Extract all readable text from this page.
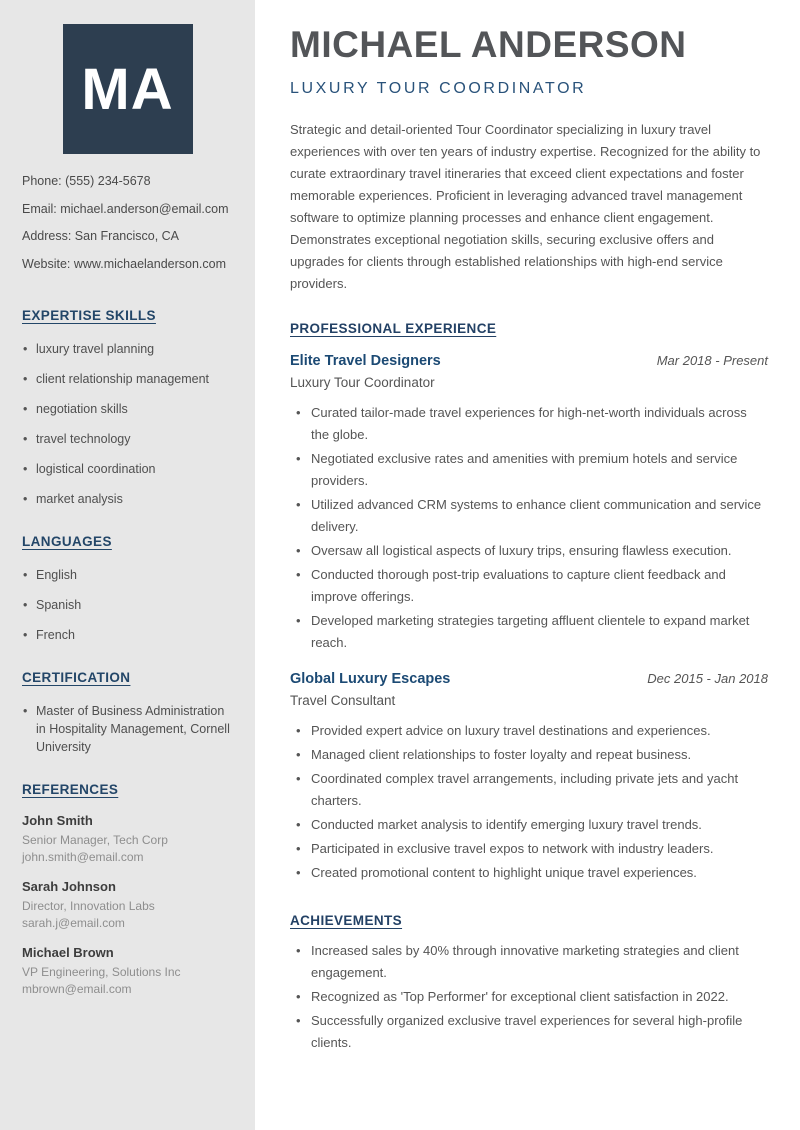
MA
Phone: (555) 234-5678
Email: michael.anderson@email.com
Address: San Francisco, CA
Website: www.michaelanderson.com
EXPERTISE SKILLS
• luxury travel planning
• client relationship management
• negotiation skills
• travel technology
• logistical coordination
• market analysis
LANGUAGES
• English
• Spanish
• French
CERTIFICATION
• Master of Business Administration in Hospitality Management, Cornell University
REFERENCES
John Smith
Senior Manager, Tech Corp
john.smith@email.com
Sarah Johnson
Director, Innovation Labs
sarah.j@email.com
Michael Brown
VP Engineering, Solutions Inc
mbrown@email.com
MICHAEL ANDERSON
LUXURY TOUR COORDINATOR
Strategic and detail-oriented Tour Coordinator specializing in luxury travel experiences with over ten years of industry expertise. Recognized for the ability to curate extraordinary travel itineraries that exceed client expectations and foster memorable experiences. Proficient in leveraging advanced travel management software to optimize planning processes and enhance client engagement. Demonstrates exceptional negotiation skills, securing exclusive offers and upgrades for clients through established relationships with high-end service providers.
PROFESSIONAL EXPERIENCE
Elite Travel Designers	Mar 2018 - Present
Luxury Tour Coordinator
• Curated tailor-made travel experiences for high-net-worth individuals across the globe.
• Negotiated exclusive rates and amenities with premium hotels and service providers.
• Utilized advanced CRM systems to enhance client communication and service delivery.
• Oversaw all logistical aspects of luxury trips, ensuring flawless execution.
• Conducted thorough post-trip evaluations to capture client feedback and improve offerings.
• Developed marketing strategies targeting affluent clientele to expand market reach.
Global Luxury Escapes	Dec 2015 - Jan 2018
Travel Consultant
• Provided expert advice on luxury travel destinations and experiences.
• Managed client relationships to foster loyalty and repeat business.
• Coordinated complex travel arrangements, including private jets and yacht charters.
• Conducted market analysis to identify emerging luxury travel trends.
• Participated in exclusive travel expos to network with industry leaders.
• Created promotional content to highlight unique travel experiences.
ACHIEVEMENTS
• Increased sales by 40% through innovative marketing strategies and client engagement.
• Recognized as 'Top Performer' for exceptional client satisfaction in 2022.
• Successfully organized exclusive travel experiences for several high-profile clients.
